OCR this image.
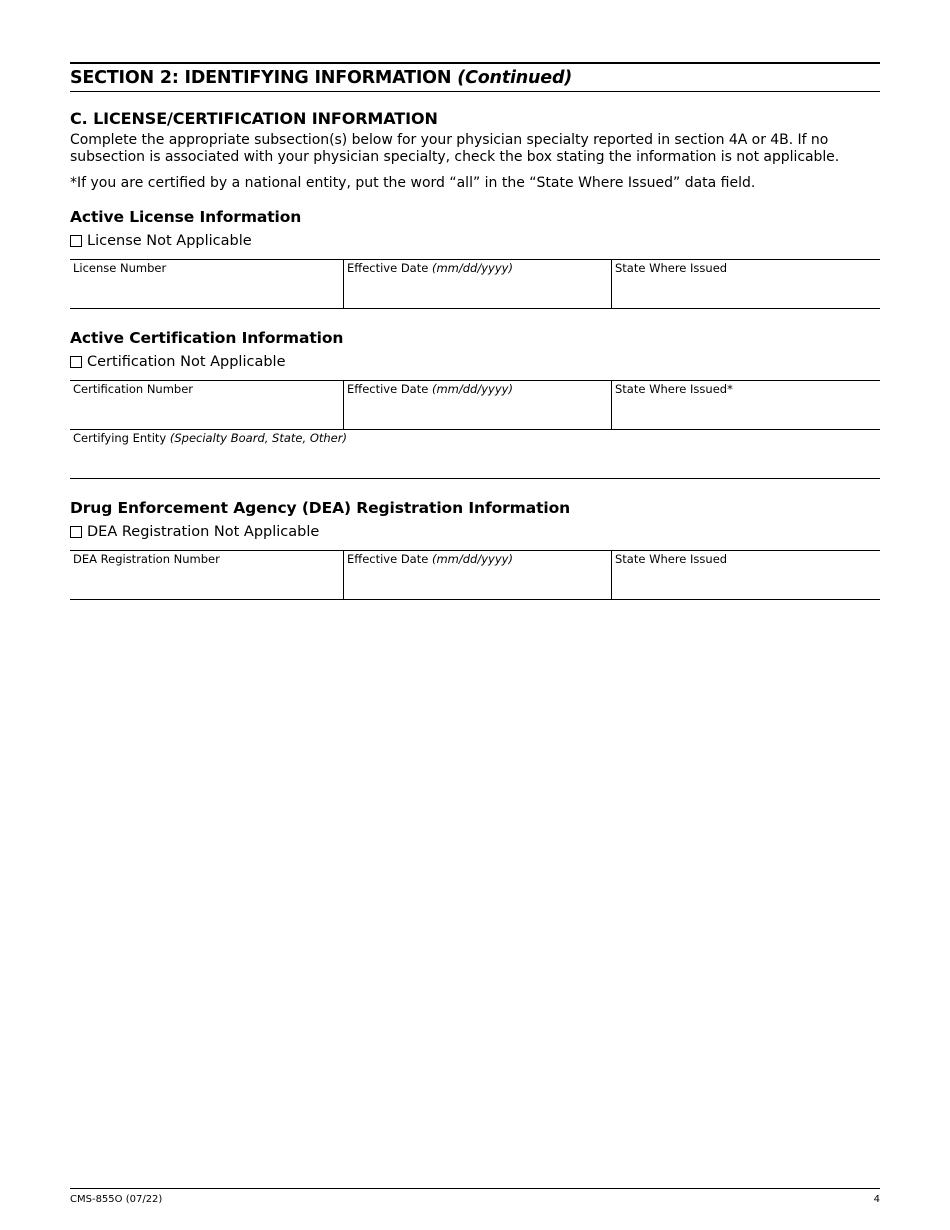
SECTION 2: IDENTIFYING INFORMATION (Continued)
C. LICENSE/CERTIFICATION INFORMATION
Complete the appropriate subsection(s) below for your physician specialty reported in section 4A or 4B. If no subsection is associated with your physician specialty, check the box stating the information is not applicable.
*If you are certified by a national entity, put the word “all” in the “State Where Issued” data field.
Active License Information
License Not Applicable
License Number	Effective Date (mm/dd/yyyy)	State Where Issued
Active Certification Information
Certification Not Applicable
Certification Number	Effective Date (mm/dd/yyyy)	State Where Issued*
Certifying Entity (Specialty Board, State, Other)
Drug Enforcement Agency (DEA) Registration Information
DEA Registration Not Applicable
DEA Registration Number	Effective Date (mm/dd/yyyy)	State Where Issued
CMS-855O (07/22)	4
